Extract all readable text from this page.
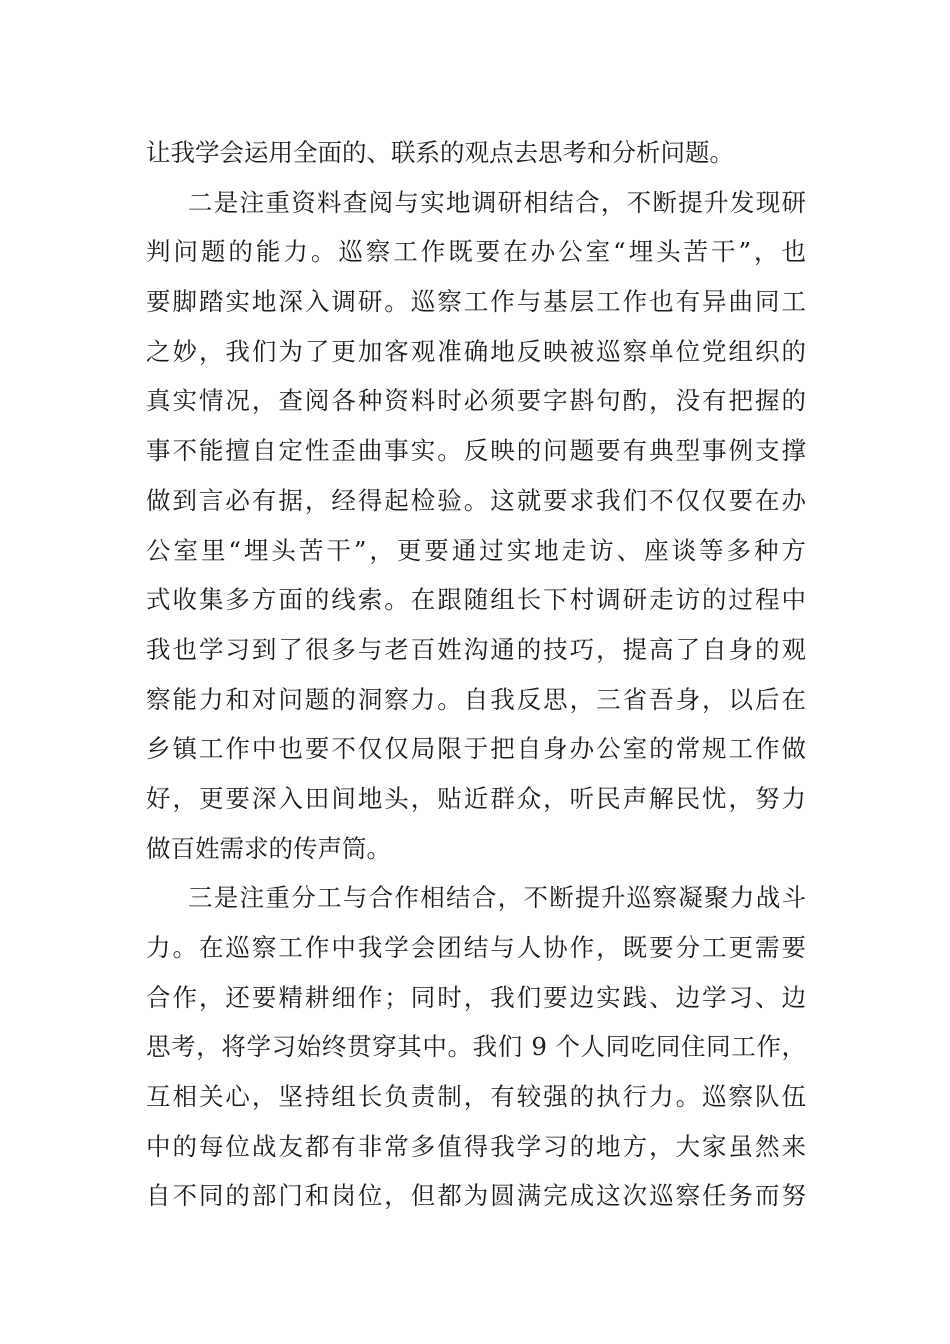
让我学会运用全面的、联系的观点去思考和分析问题。
二是注重资料查阅与实地调研相结合，不断提升发现研
判问题的能力。巡察工作既要在办公室“埋头苦干”，也
要脚踏实地深入调研。巡察工作与基层工作也有异曲同工
之妙，我们为了更加客观准确地反映被巡察单位党组织的
真实情况，查阅各种资料时必须要字斟句酌，没有把握的
事不能擅自定性歪曲事实。反映的问题要有典型事例支撑
做到言必有据，经得起检验。这就要求我们不仅仅要在办
公室里“埋头苦干”，更要通过实地走访、座谈等多种方
式收集多方面的线索。在跟随组长下村调研走访的过程中
我也学习到了很多与老百姓沟通的技巧，提高了自身的观
察能力和对问题的洞察力。自我反思，三省吾身，以后在
乡镇工作中也要不仅仅局限于把自身办公室的常规工作做
好，更要深入田间地头，贴近群众，听民声解民忧，努力
做百姓需求的传声筒。
三是注重分工与合作相结合，不断提升巡察凝聚力战斗
力。在巡察工作中我学会团结与人协作，既要分工更需要
合作，还要精耕细作；同时，我们要边实践、边学习、边
思考，将学习始终贯穿其中。我们 9 个人同吃同住同工作，
互相关心，坚持组长负责制，有较强的执行力。巡察队伍
中的每位战友都有非常多值得我学习的地方，大家虽然来
自不同的部门和岗位，但都为圆满完成这次巡察任务而努
